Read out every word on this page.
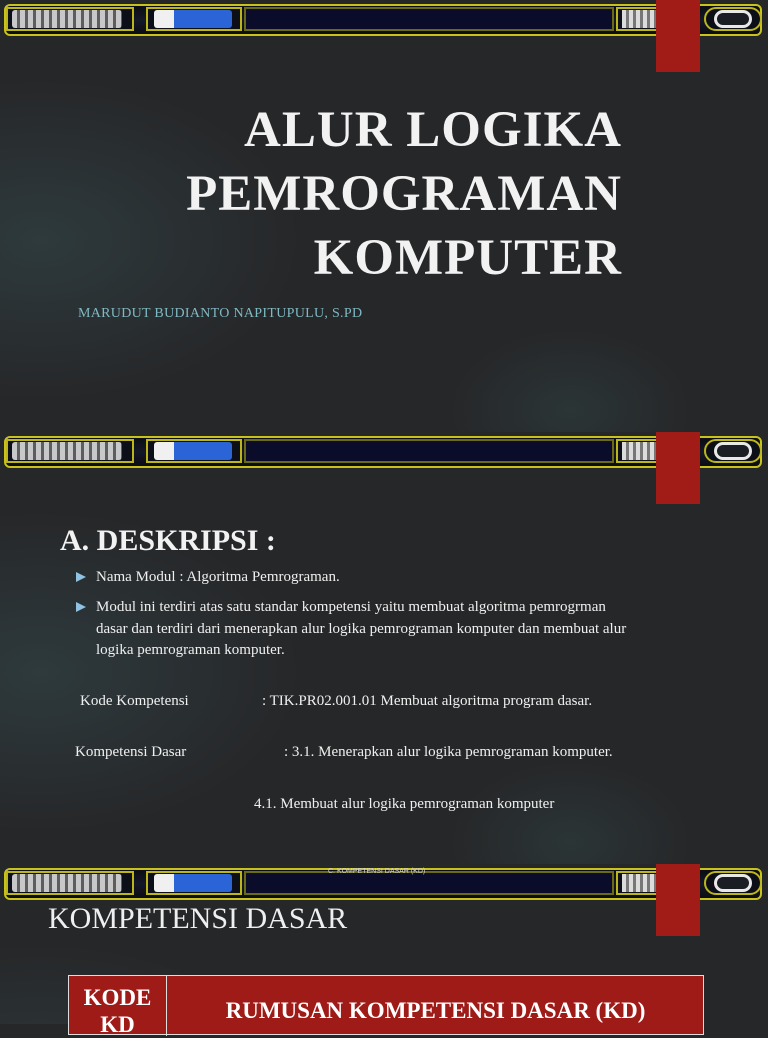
ALUR LOGIKA
PEMROGRAMAN
KOMPUTER

MARUDUT BUDIANTO NAPITUPULU, S.PD

A. DESKRIPSI :
Nama Modul : Algoritma Pemrograman.
Modul ini terdiri atas satu standar kompetensi yaitu membuat algoritma pemrogrman dasar dan terdiri dari menerapkan alur logika pemrograman komputer dan membuat alur logika pemrograman komputer.

Kode Kompetensi	: TIK.PR02.001.01 Membuat algoritma program dasar.

Kompetensi Dasar	: 3.1. Menerapkan alur logika pemrograman komputer.

4.1. Membuat alur logika pemrograman komputer

C. KOMPETENSI DASAR (KD)
KOMPETENSI DASAR
KODE KD
RUMUSAN KOMPETENSI DASAR (KD)
